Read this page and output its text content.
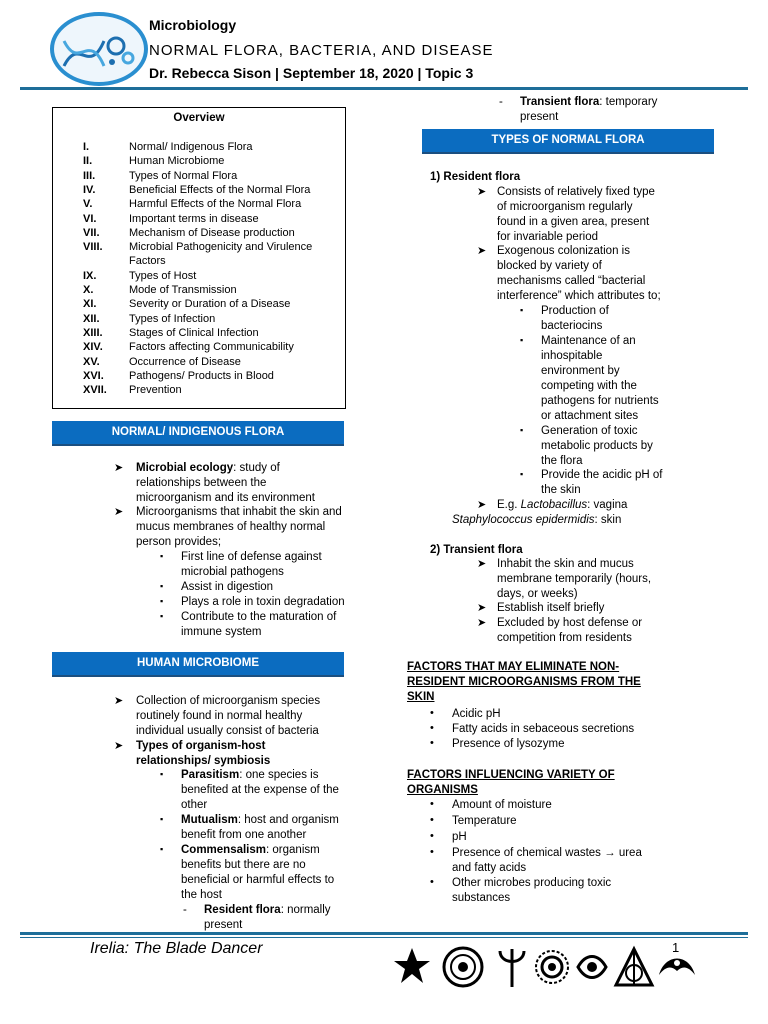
Microbiology
NORMAL FLORA, BACTERIA, AND DISEASE
Dr. Rebecca Sison | September 18, 2020 | Topic 3
Overview
I.	Normal/ Indigenous Flora
II.	Human Microbiome
III.	Types of Normal Flora
IV.	Beneficial Effects of the Normal Flora
V.	Harmful Effects of the Normal Flora
VI.	Important terms in disease
VII.	Mechanism of Disease production
VIII. Microbial Pathogenicity and Virulence
Factors
IX.	Types of Host
X.	Mode of Transmission
XI.	Severity or Duration of a Disease
XII.	Types of Infection
XIII. Stages of Clinical Infection
XIV. Factors affecting Communicability
XV.	Occurrence of Disease
XVI. Pathogens/ Products in Blood
XVII. Prevention
NORMAL/ INDIGENOUS FLORA
➤ Microbial ecology: study of
relationships between the
microorganism and its environment
➤ Microorganisms that inhabit the skin and
mucus membranes of healthy normal
person provides;
▪ First line of defense against
microbial pathogens
▪ Assist in digestion
▪ Plays a role in toxin degradation
▪ Contribute to the maturation of
immune system
HUMAN MICROBIOME
➤ Collection of microorganism species
routinely found in normal healthy
individual usually consist of bacteria
➤ Types of organism-host
relationships/ symbiosis
▪ Parasitism: one species is
benefited at the expense of the
other
▪ Mutualism: host and organism
benefit from one another
▪ Commensalism: organism
benefits but there are no
beneficial or harmful effects to
the host
- Resident flora: normally
present
- Transient flora: temporary
present
TYPES OF NORMAL FLORA
1) Resident flora
➤ Consists of relatively fixed type
of microorganism regularly
found in a given area, present
for invariable period
➤ Exogenous colonization is
blocked by variety of
mechanisms called “bacterial
interference” which attributes to;
▪ Production of
bacteriocins
▪ Maintenance of an
inhospitable
environment by
competing with the
pathogens for nutrients
or attachment sites
▪ Generation of toxic
metabolic products by
the flora
▪ Provide the acidic pH of
the skin
➤ E.g. Lactobacillus: vagina
Staphylococcus epidermidis: skin
2) Transient flora
➤ Inhabit the skin and mucus
membrane temporarily (hours,
days, or weeks)
➤ Establish itself briefly
➤ Excluded by host defense or
competition from residents
FACTORS THAT MAY ELIMINATE NON-
RESIDENT MICROORGANISMS FROM THE
SKIN
• Acidic pH
• Fatty acids in sebaceous secretions
• Presence of lysozyme
FACTORS INFLUENCING VARIETY OF
ORGANISMS
• Amount of moisture
• Temperature
• pH
• Presence of chemical wastes → urea
and fatty acids
• Other microbes producing toxic
substances
Irelia: The Blade Dancer	1
